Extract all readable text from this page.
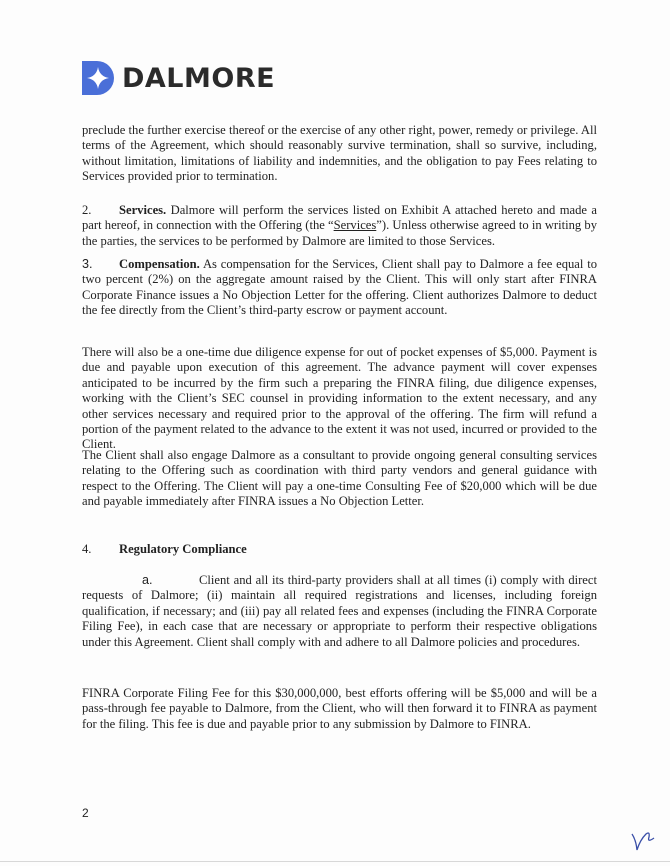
DALMORE
preclude the further exercise thereof or the exercise of any other right, power, remedy or privilege. All terms of the Agreement, which should reasonably survive termination, shall so survive, including, without limitation, limitations of liability and indemnities, and the obligation to pay Fees relating to Services provided prior to termination.
2. Services. Dalmore will perform the services listed on Exhibit A attached hereto and made a part hereof, in connection with the Offering (the “Services”). Unless otherwise agreed to in writing by the parties, the services to be performed by Dalmore are limited to those Services.
3. Compensation. As compensation for the Services, Client shall pay to Dalmore a fee equal to two percent (2%) on the aggregate amount raised by the Client. This will only start after FINRA Corporate Finance issues a No Objection Letter for the offering. Client authorizes Dalmore to deduct the fee directly from the Client’s third-party escrow or payment account.
There will also be a one-time due diligence expense for out of pocket expenses of $5,000. Payment is due and payable upon execution of this agreement. The advance payment will cover expenses anticipated to be incurred by the firm such a preparing the FINRA filing, due diligence expenses, working with the Client’s SEC counsel in providing information to the extent necessary, and any other services necessary and required prior to the approval of the offering. The firm will refund a portion of the payment related to the advance to the extent it was not used, incurred or provided to the Client.
The Client shall also engage Dalmore as a consultant to provide ongoing general consulting services relating to the Offering such as coordination with third party vendors and general guidance with respect to the Offering. The Client will pay a one-time Consulting Fee of $20,000 which will be due and payable immediately after FINRA issues a No Objection Letter.
4. Regulatory Compliance
a.	Client and all its third-party providers shall at all times (i) comply with direct requests of Dalmore; (ii) maintain all required registrations and licenses, including foreign qualification, if necessary; and (iii) pay all related fees and expenses (including the FINRA Corporate Filing Fee), in each case that are necessary or appropriate to perform their respective obligations under this Agreement. Client shall comply with and adhere to all Dalmore policies and procedures.
FINRA Corporate Filing Fee for this $30,000,000, best efforts offering will be $5,000 and will be a pass-through fee payable to Dalmore, from the Client, who will then forward it to FINRA as payment for the filing. This fee is due and payable prior to any submission by Dalmore to FINRA.
2
